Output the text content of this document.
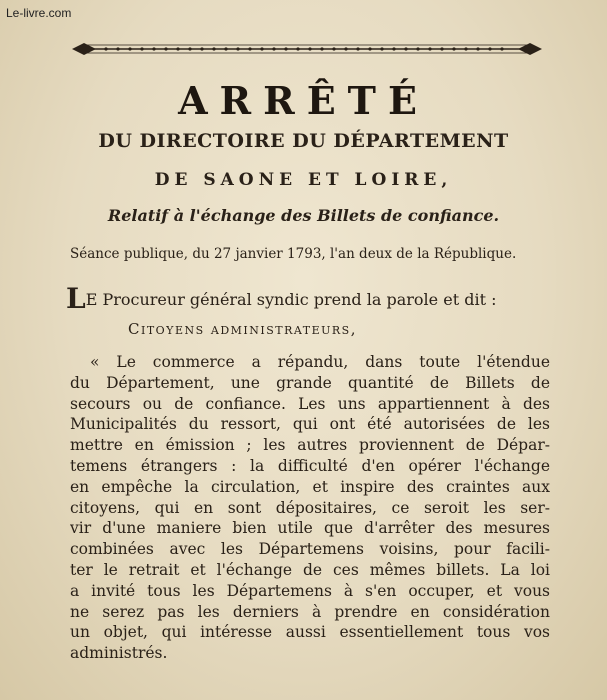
Le-livre.com
ARRÊTÉ
DU DIRECTOIRE DU DÉPARTEMENT
DE SAONE ET LOIRE,
Relatif à l'échange des Billets de confiance.
Séance publique, du 27 janvier 1793, l'an deux de la République.
LE Procureur général syndic prend la parole et dit :
Citoyens administrateurs,
« Le commerce a répandu, dans toute l'étendue
du Département, une grande quantité de Billets de
secours ou de confiance. Les uns appartiennent à des
Municipalités du ressort, qui ont été autorisées de les
mettre en émission ; les autres proviennent de Dépar-
temens étrangers : la difficulté d'en opérer l'échange
en empêche la circulation, et inspire des craintes aux
citoyens, qui en sont dépositaires, ce seroit les ser-
vir d'une maniere bien utile que d'arrêter des mesures
combinées avec les Départemens voisins, pour facili-
ter le retrait et l'échange de ces mêmes billets. La loi
a invité tous les Départemens à s'en occuper, et vous
ne serez pas les derniers à prendre en considération
un objet, qui intéresse aussi essentiellement tous vos
administrés.
